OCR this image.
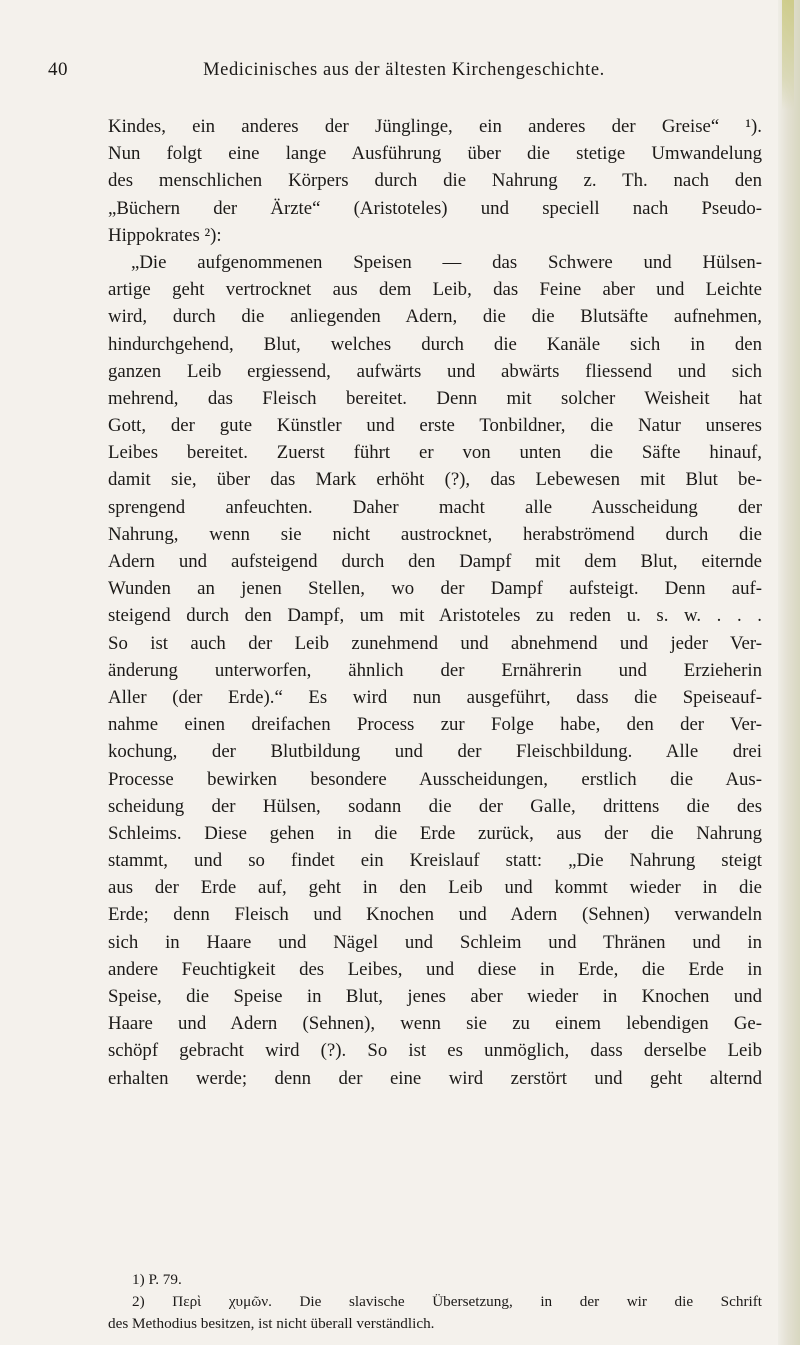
40	Medicinisches aus der ältesten Kirchengeschichte.
Kindes, ein anderes der Jünglinge, ein anderes der Greise“ ¹).
Nun folgt eine lange Ausführung über die stetige Umwandelung
des menschlichen Körpers durch die Nahrung z. Th. nach den
„Büchern der Ärzte“ (Aristoteles) und speciell nach Pseudo-
Hippokrates ²):
„Die aufgenommenen Speisen — das Schwere und Hülsen-
artige geht vertrocknet aus dem Leib, das Feine aber und Leichte
wird, durch die anliegenden Adern, die die Blutsäfte aufnehmen,
hindurchgehend, Blut, welches durch die Kanäle sich in den
ganzen Leib ergiessend, aufwärts und abwärts fliessend und sich
mehrend, das Fleisch bereitet. Denn mit solcher Weisheit hat
Gott, der gute Künstler und erste Tonbildner, die Natur unseres
Leibes bereitet. Zuerst führt er von unten die Säfte hinauf,
damit sie, über das Mark erhöht (?), das Lebewesen mit Blut be-
sprengend anfeuchten. Daher macht alle Ausscheidung der
Nahrung, wenn sie nicht austrocknet, herabströmend durch die
Adern und aufsteigend durch den Dampf mit dem Blut, eiternde
Wunden an jenen Stellen, wo der Dampf aufsteigt. Denn auf-
steigend durch den Dampf, um mit Aristoteles zu reden u. s. w. . . .
So ist auch der Leib zunehmend und abnehmend und jeder Ver-
änderung unterworfen, ähnlich der Ernährerin und Erzieherin
Aller (der Erde).“ Es wird nun ausgeführt, dass die Speiseauf-
nahme einen dreifachen Process zur Folge habe, den der Ver-
kochung, der Blutbildung und der Fleischbildung. Alle drei
Processe bewirken besondere Ausscheidungen, erstlich die Aus-
scheidung der Hülsen, sodann die der Galle, drittens die des
Schleims. Diese gehen in die Erde zurück, aus der die Nahrung
stammt, und so findet ein Kreislauf statt: „Die Nahrung steigt
aus der Erde auf, geht in den Leib und kommt wieder in die
Erde; denn Fleisch und Knochen und Adern (Sehnen) verwandeln
sich in Haare und Nägel und Schleim und Thränen und in
andere Feuchtigkeit des Leibes, und diese in Erde, die Erde in
Speise, die Speise in Blut, jenes aber wieder in Knochen und
Haare und Adern (Sehnen), wenn sie zu einem lebendigen Ge-
schöpf gebracht wird (?). So ist es unmöglich, dass derselbe Leib
erhalten werde; denn der eine wird zerstört und geht alternd
1) P. 79.
2) Περὶ χυμῶν. Die slavische Übersetzung, in der wir die Schrift
des Methodius besitzen, ist nicht überall verständlich.
